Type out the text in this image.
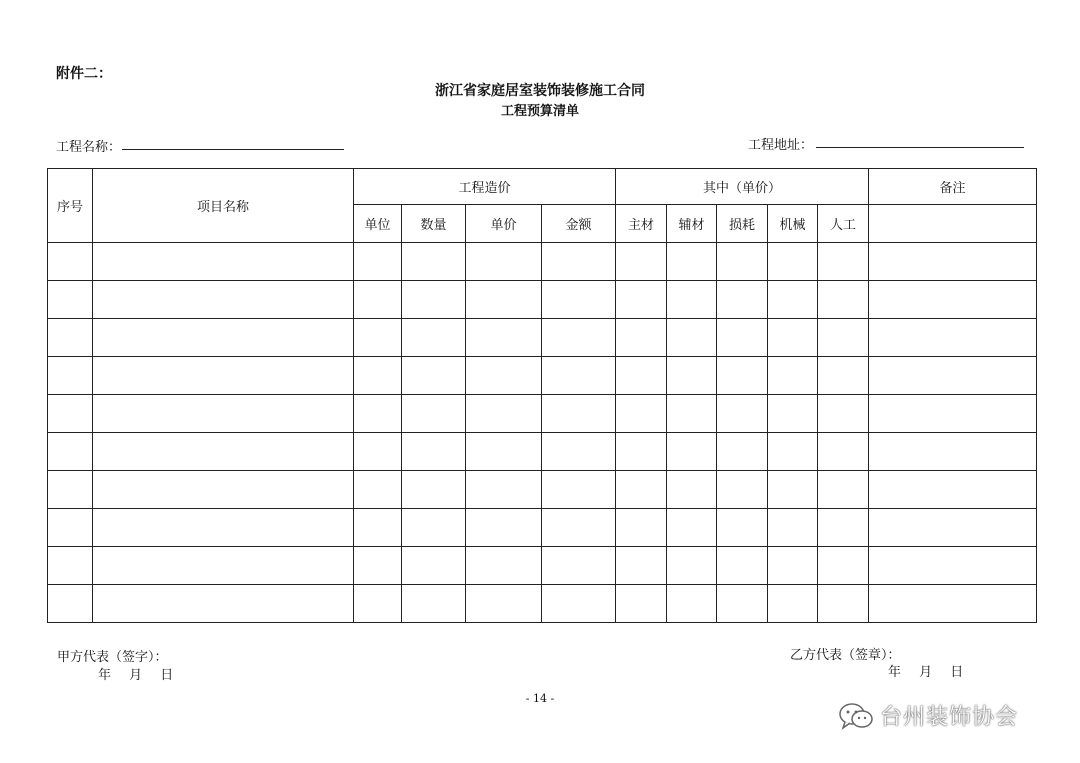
附件二：
浙江省家庭居室装饰装修施工合同
工程预算清单
工程名称：	工程地址：
序号	项目名称	工程造价				其中（单价）					备注
		单位	数量	单价	金额	主材	辅材	损耗	机械	人工	

甲方代表（签字）：
年 月 日
乙方代表（签章）：
年 月 日
- 14 -
台州装饰协会
